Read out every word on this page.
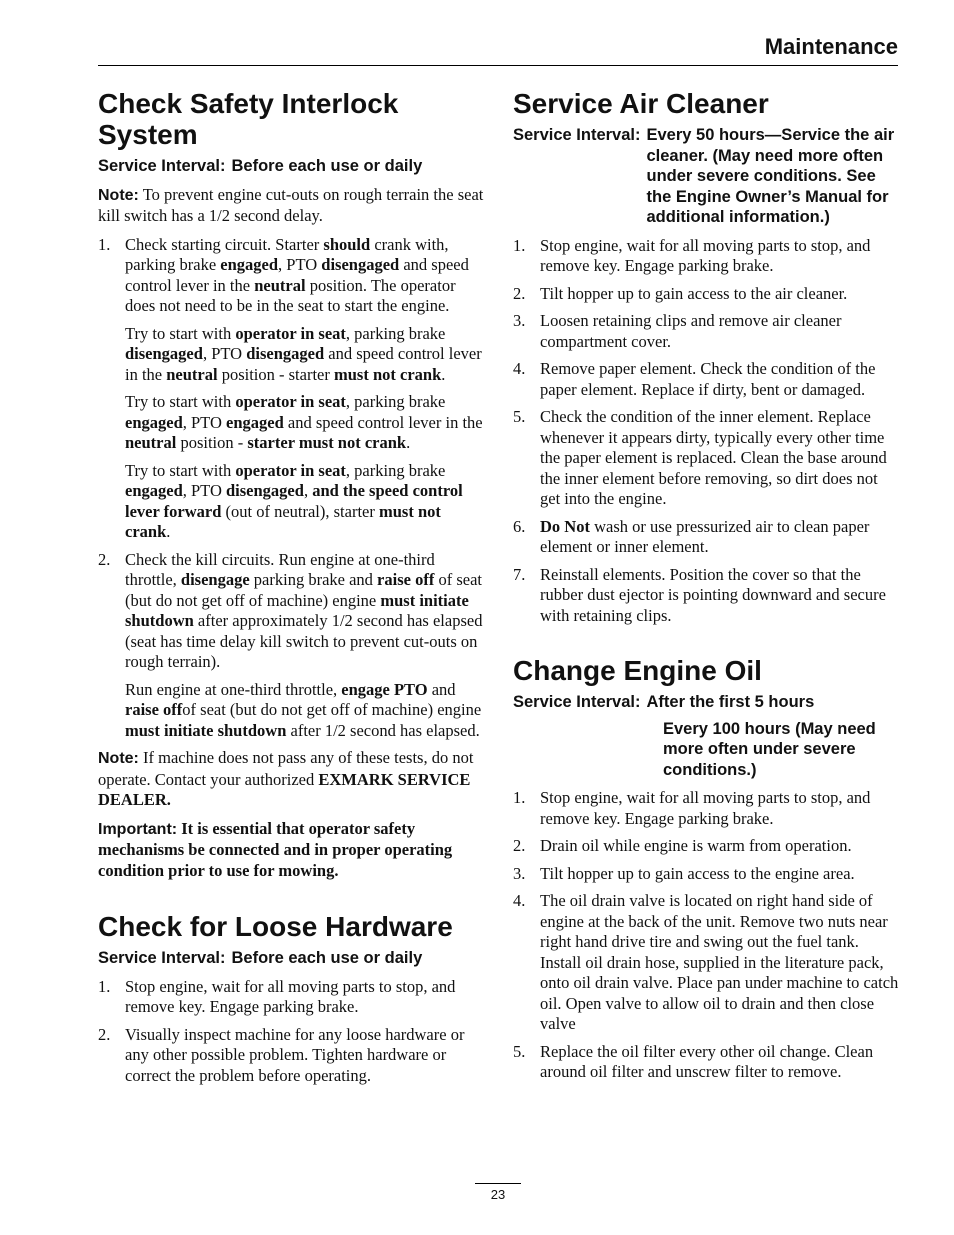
Maintenance
Check Safety Interlock
System
Service Interval: Before each use or daily

Note: To prevent engine cut-outs on rough terrain the seat kill switch has a 1/2 second delay.

1. Check starting circuit. Starter should crank with, parking brake engaged, PTO disengaged and speed control lever in the neutral position. The operator does not need to be in the seat to start the engine.

Try to start with operator in seat, parking brake disengaged, PTO disengaged and speed control lever in the neutral position - starter must not crank.

Try to start with operator in seat, parking brake engaged, PTO engaged and speed control lever in the neutral position - starter must not crank.

Try to start with operator in seat, parking brake engaged, PTO disengaged, and the speed control lever forward (out of neutral), starter must not crank.

2. Check the kill circuits. Run engine at one-third throttle, disengage parking brake and raise off of seat (but do not get off of machine) engine must initiate shutdown after approximately 1/2 second has elapsed (seat has time delay kill switch to prevent cut-outs on rough terrain).

Run engine at one-third throttle, engage PTO and raise offof seat (but do not get off of machine) engine must initiate shutdown after 1/2 second has elapsed.

Note: If machine does not pass any of these tests, do not operate. Contact your authorized EXMARK SERVICE DEALER.

Important: It is essential that operator safety mechanisms be connected and in proper operating condition prior to use for mowing.

Check for Loose Hardware
Service Interval: Before each use or daily
1. Stop engine, wait for all moving parts to stop, and remove key. Engage parking brake.
2. Visually inspect machine for any loose hardware or any other possible problem. Tighten hardware or correct the problem before operating.
Service Air Cleaner
Service Interval: Every 50 hours—Service the air cleaner. (May need more often under severe conditions. See the Engine Owner’s Manual for additional information.)
1. Stop engine, wait for all moving parts to stop, and remove key. Engage parking brake.
2. Tilt hopper up to gain access to the air cleaner.
3. Loosen retaining clips and remove air cleaner compartment cover.
4. Remove paper element. Check the condition of the paper element. Replace if dirty, bent or damaged.
5. Check the condition of the inner element. Replace whenever it appears dirty, typically every other time the paper element is replaced. Clean the base around the inner element before removing, so dirt does not get into the engine.
6. Do Not wash or use pressurized air to clean paper element or inner element.
7. Reinstall elements. Position the cover so that the rubber dust ejector is pointing downward and secure with retaining clips.
Change Engine Oil
Service Interval: After the first 5 hours
Every 100 hours (May need more often under severe conditions.)
1. Stop engine, wait for all moving parts to stop, and remove key. Engage parking brake.
2. Drain oil while engine is warm from operation.
3. Tilt hopper up to gain access to the engine area.
4. The oil drain valve is located on right hand side of engine at the back of the unit. Remove two nuts near right hand drive tire and swing out the fuel tank. Install oil drain hose, supplied in the literature pack, onto oil drain valve. Place pan under machine to catch oil. Open valve to allow oil to drain and then close valve
5. Replace the oil filter every other oil change. Clean around oil filter and unscrew filter to remove.
23
